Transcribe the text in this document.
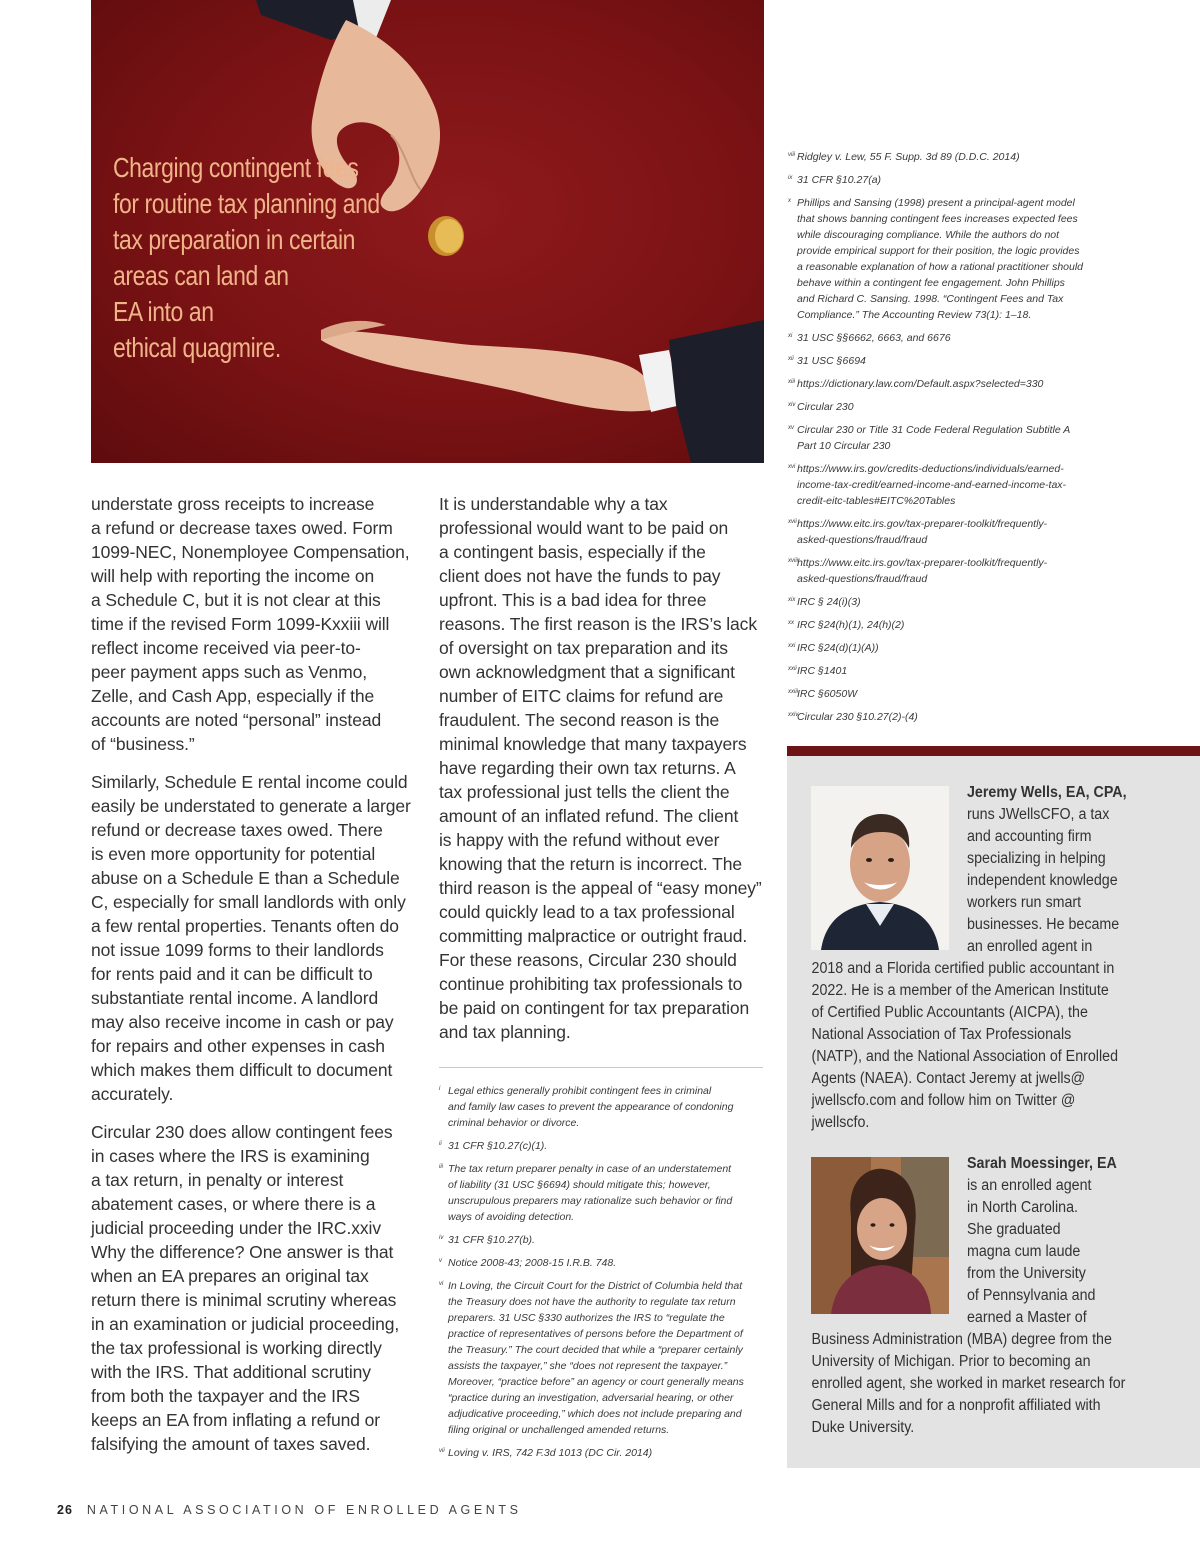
Charging contingent fees
for routine tax planning and
tax preparation in certain
areas can land an
EA into an
ethical quagmire.

understate gross receipts to increase
a refund or decrease taxes owed. Form
1099-NEC, Nonemployee Compensation,
will help with reporting the income on
a Schedule C, but it is not clear at this
time if the revised Form 1099-Kxxiii will
reflect income received via peer-to-
peer payment apps such as Venmo,
Zelle, and Cash App, especially if the
accounts are noted “personal” instead
of “business.”

Similarly, Schedule E rental income could
easily be understated to generate a larger
refund or decrease taxes owed. There
is even more opportunity for potential
abuse on a Schedule E than a Schedule
C, especially for small landlords with only
a few rental properties. Tenants often do
not issue 1099 forms to their landlords
for rents paid and it can be difficult to
substantiate rental income. A landlord
may also receive income in cash or pay
for repairs and other expenses in cash
which makes them difficult to document
accurately.

Circular 230 does allow contingent fees
in cases where the IRS is examining
a tax return, in penalty or interest
abatement cases, or where there is a
judicial proceeding under the IRC.xxiv
Why the difference? One answer is that
when an EA prepares an original tax
return there is minimal scrutiny whereas
in an examination or judicial proceeding,
the tax professional is working directly
with the IRS. That additional scrutiny
from both the taxpayer and the IRS
keeps an EA from inflating a refund or
falsifying the amount of taxes saved.

It is understandable why a tax
professional would want to be paid on
a contingent basis, especially if the
client does not have the funds to pay
upfront. This is a bad idea for three
reasons. The first reason is the IRS’s lack
of oversight on tax preparation and its
own acknowledgment that a significant
number of EITC claims for refund are
fraudulent. The second reason is the
minimal knowledge that many taxpayers
have regarding their own tax returns. A
tax professional just tells the client the
amount of an inflated refund. The client
is happy with the refund without ever
knowing that the return is incorrect. The
third reason is the appeal of “easy money”
could quickly lead to a tax professional
committing malpractice or outright fraud.
For these reasons, Circular 230 should
continue prohibiting tax professionals to
be paid on contingent for tax preparation
and tax planning.

i Legal ethics generally prohibit contingent fees in criminal
and family law cases to prevent the appearance of condoning
criminal behavior or divorce.
ii 31 CFR §10.27(c)(1).
iii The tax return preparer penalty in case of an understatement
of liability (31 USC §6694) should mitigate this; however,
unscrupulous preparers may rationalize such behavior or find
ways of avoiding detection.
iv 31 CFR §10.27(b).
v Notice 2008-43; 2008-15 I.R.B. 748.
vi In Loving, the Circuit Court for the District of Columbia held that
the Treasury does not have the authority to regulate tax return
preparers. 31 USC §330 authorizes the IRS to “regulate the
practice of representatives of persons before the Department of
the Treasury.” The court decided that while a “preparer certainly
assists the taxpayer,” she “does not represent the taxpayer.”
Moreover, “practice before” an agency or court generally means
“practice during an investigation, adversarial hearing, or other
adjudicative proceeding,” which does not include preparing and
filing original or unchallenged amended returns.
vii Loving v. IRS, 742 F.3d 1013 (DC Cir. 2014)
viii Ridgley v. Lew, 55 F. Supp. 3d 89 (D.D.C. 2014)
ix 31 CFR §10.27(a)
x Phillips and Sansing (1998) present a principal-agent model
that shows banning contingent fees increases expected fees
while discouraging compliance. While the authors do not
provide empirical support for their position, the logic provides
a reasonable explanation of how a rational practitioner should
behave within a contingent fee engagement. John Phillips
and Richard C. Sansing. 1998. “Contingent Fees and Tax
Compliance.” The Accounting Review 73(1): 1–18.
xi 31 USC §§6662, 6663, and 6676
xii 31 USC §6694
xiii https://dictionary.law.com/Default.aspx?selected=330
xiv Circular 230
xv Circular 230 or Title 31 Code Federal Regulation Subtitle A
Part 10 Circular 230
xvi https://www.irs.gov/credits-deductions/individuals/earned-
income-tax-credit/earned-income-and-earned-income-tax-
credit-eitc-tables#EITC%20Tables
xvii https://www.eitc.irs.gov/tax-preparer-toolkit/frequently-
asked-questions/fraud/fraud
xviii https://www.eitc.irs.gov/tax-preparer-toolkit/frequently-
asked-questions/fraud/fraud
xix IRC § 24(i)(3)
xx IRC §24(h)(1), 24(h)(2)
xxi IRC §24(d)(1)(A))
xxii IRC §1401
xxiii IRC §6050W
xxiv
Circular 230 §10.27(2)-(4)
Jeremy Wells, EA, CPA,
runs JWellsCFO, a tax
and accounting firm
specializing in helping
independent knowledge
workers run smart
businesses. He became
an enrolled agent in
2018 and a Florida certified public accountant in
2022. He is a member of the American Institute
of Certified Public Accountants (AICPA), the
National Association of Tax Professionals
(NATP), and the National Association of Enrolled
Agents (NAEA). Contact Jeremy at jwells@
jwellscfo.com and follow him on Twitter @
jwellscfo.
Sarah Moessinger, EA
is an enrolled agent
in North Carolina.
She graduated
magna cum laude
from the University
of Pennsylvania and
earned a Master of
Business Administration (MBA) degree from the
University of Michigan. Prior to becoming an
enrolled agent, she worked in market research for
General Mills and for a nonprofit affiliated with
Duke University.
26 NATIONAL ASSOCIATION OF ENROLLED AGENTS
